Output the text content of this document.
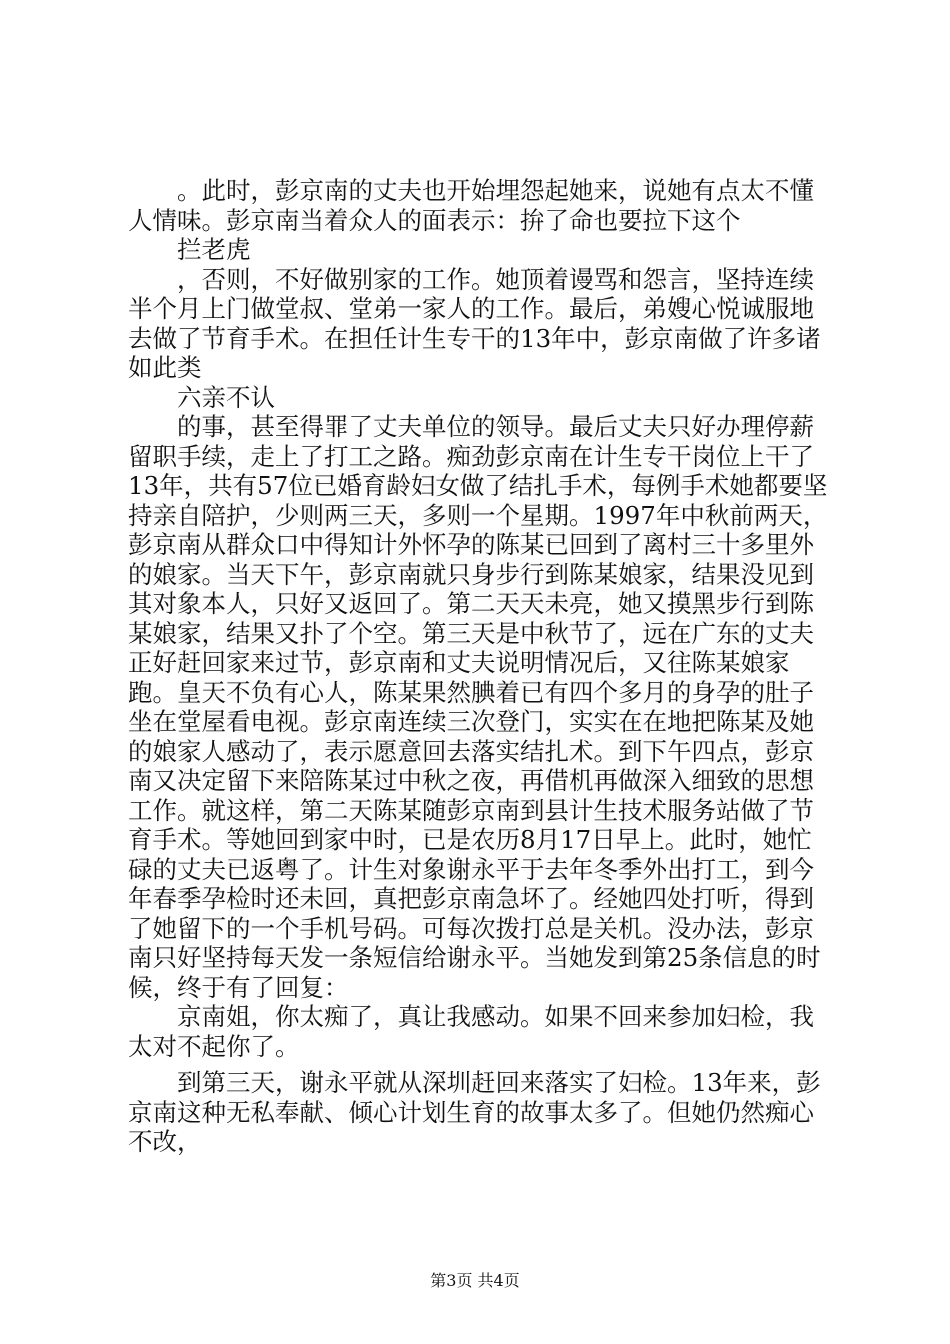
。此时，彭京南的丈夫也开始埋怨起她来，说她有点太不懂人情味。彭京南当着众人的面表示：拚了命也要拉下这个

拦老虎

，否则，不好做别家的工作。她顶着谩骂和怨言，坚持连续半个月上门做堂叔、堂弟一家人的工作。最后，弟嫂心悦诚服地去做了节育手术。在担任计生专干的13年中，彭京南做了许多诸如此类

六亲不认

的事，甚至得罪了丈夫单位的领导。最后丈夫只好办理停薪留职手续，走上了打工之路。痴劲彭京南在计生专干岗位上干了13年，共有57位已婚育龄妇女做了结扎手术，每例手术她都要坚持亲自陪护，少则两三天，多则一个星期。1997年中秋前两天，彭京南从群众口中得知计外怀孕的陈某已回到了离村三十多里外的娘家。当天下午，彭京南就只身步行到陈某娘家，结果没见到其对象本人，只好又返回了。第二天天未亮，她又摸黑步行到陈某娘家，结果又扑了个空。第三天是中秋节了，远在广东的丈夫正好赶回家来过节，彭京南和丈夫说明情况后，又往陈某娘家跑。皇天不负有心人，陈某果然腆着已有四个多月的身孕的肚子坐在堂屋看电视。彭京南连续三次登门，实实在在地把陈某及她的娘家人感动了，表示愿意回去落实结扎术。到下午四点，彭京南又决定留下来陪陈某过中秋之夜，再借机再做深入细致的思想工作。就这样，第二天陈某随彭京南到县计生技术服务站做了节育手术。等她回到家中时，已是农历8月17日早上。此时，她忙碌的丈夫已返粤了。计生对象谢永平于去年冬季外出打工，到今年春季孕检时还未回，真把彭京南急坏了。经她四处打听，得到了她留下的一个手机号码。可每次拨打总是关机。没办法，彭京南只好坚持每天发一条短信给谢永平。当她发到第25条信息的时候，终于有了回复：

京南姐，你太痴了，真让我感动。如果不回来参加妇检，我太对不起你了。

到第三天，谢永平就从深圳赶回来落实了妇检。13年来，彭京南这种无私奉献、倾心计划生育的故事太多了。但她仍然痴心不改，

第3页 共4页
